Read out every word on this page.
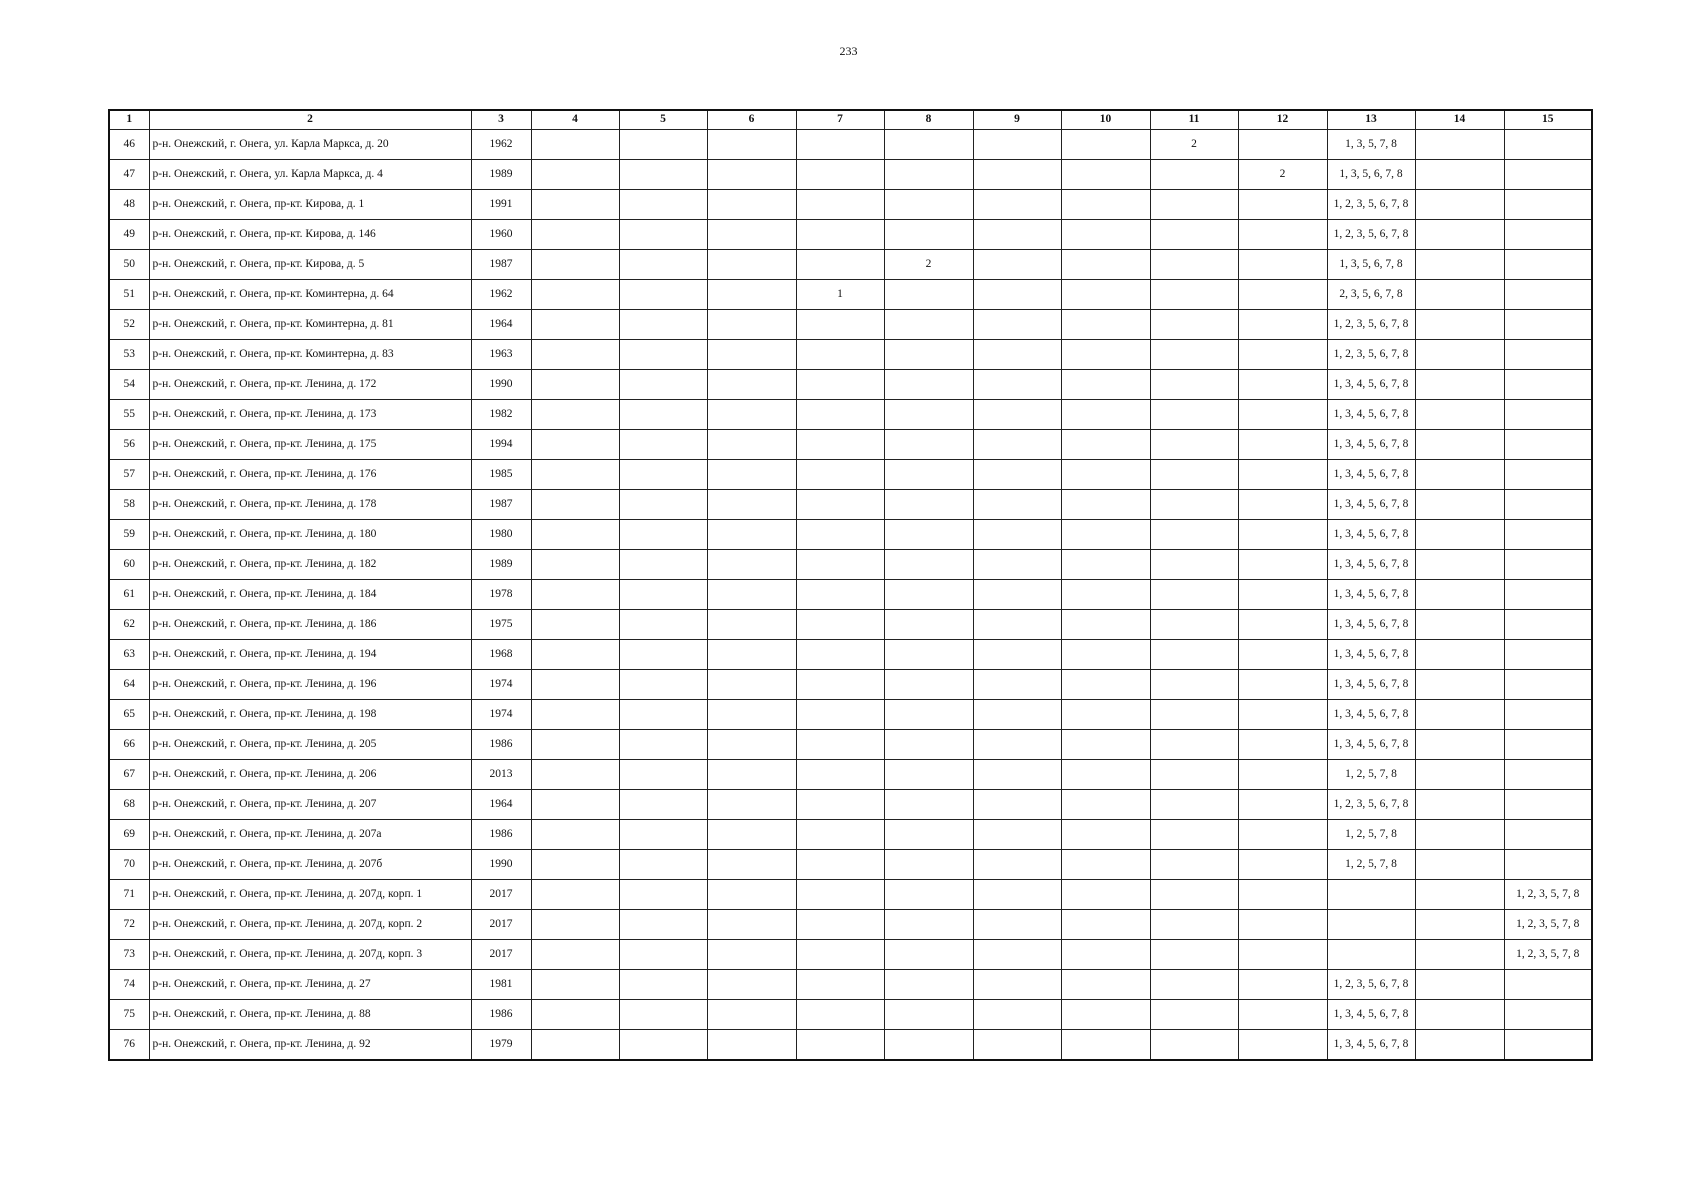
233
1	2	3	4	5	6	7	8	9	10	11	12	13	14	15
46	р-н. Онежский, г. Онега, ул. Карла Маркса, д. 20	1962								2		1, 3, 5, 7, 8		
47	р-н. Онежский, г. Онега, ул. Карла Маркса, д. 4	1989									2	1, 3, 5, 6, 7, 8		
48	р-н. Онежский, г. Онега, пр-кт. Кирова, д. 1	1991										1, 2, 3, 5, 6, 7, 8		
49	р-н. Онежский, г. Онега, пр-кт. Кирова, д. 146	1960										1, 2, 3, 5, 6, 7, 8		
50	р-н. Онежский, г. Онега, пр-кт. Кирова, д. 5	1987					2					1, 3, 5, 6, 7, 8		
51	р-н. Онежский, г. Онега, пр-кт. Коминтерна, д. 64	1962				1						2, 3, 5, 6, 7, 8		
52	р-н. Онежский, г. Онега, пр-кт. Коминтерна, д. 81	1964										1, 2, 3, 5, 6, 7, 8		
53	р-н. Онежский, г. Онега, пр-кт. Коминтерна, д. 83	1963										1, 2, 3, 5, 6, 7, 8		
54	р-н. Онежский, г. Онега, пр-кт. Ленина, д. 172	1990										1, 3, 4, 5, 6, 7, 8		
55	р-н. Онежский, г. Онега, пр-кт. Ленина, д. 173	1982										1, 3, 4, 5, 6, 7, 8		
56	р-н. Онежский, г. Онега, пр-кт. Ленина, д. 175	1994										1, 3, 4, 5, 6, 7, 8		
57	р-н. Онежский, г. Онега, пр-кт. Ленина, д. 176	1985										1, 3, 4, 5, 6, 7, 8		
58	р-н. Онежский, г. Онега, пр-кт. Ленина, д. 178	1987										1, 3, 4, 5, 6, 7, 8		
59	р-н. Онежский, г. Онега, пр-кт. Ленина, д. 180	1980										1, 3, 4, 5, 6, 7, 8		
60	р-н. Онежский, г. Онега, пр-кт. Ленина, д. 182	1989										1, 3, 4, 5, 6, 7, 8		
61	р-н. Онежский, г. Онега, пр-кт. Ленина, д. 184	1978										1, 3, 4, 5, 6, 7, 8		
62	р-н. Онежский, г. Онега, пр-кт. Ленина, д. 186	1975										1, 3, 4, 5, 6, 7, 8		
63	р-н. Онежский, г. Онега, пр-кт. Ленина, д. 194	1968										1, 3, 4, 5, 6, 7, 8		
64	р-н. Онежский, г. Онега, пр-кт. Ленина, д. 196	1974										1, 3, 4, 5, 6, 7, 8		
65	р-н. Онежский, г. Онега, пр-кт. Ленина, д. 198	1974										1, 3, 4, 5, 6, 7, 8		
66	р-н. Онежский, г. Онега, пр-кт. Ленина, д. 205	1986										1, 3, 4, 5, 6, 7, 8		
67	р-н. Онежский, г. Онега, пр-кт. Ленина, д. 206	2013										1, 2, 5, 7, 8		
68	р-н. Онежский, г. Онега, пр-кт. Ленина, д. 207	1964										1, 2, 3, 5, 6, 7, 8		
69	р-н. Онежский, г. Онега, пр-кт. Ленина, д. 207а	1986										1, 2, 5, 7, 8		
70	р-н. Онежский, г. Онега, пр-кт. Ленина, д. 207б	1990										1, 2, 5, 7, 8		
71	р-н. Онежский, г. Онега, пр-кт. Ленина, д. 207д, корп. 1	2017												1, 2, 3, 5, 7, 8
72	р-н. Онежский, г. Онега, пр-кт. Ленина, д. 207д, корп. 2	2017												1, 2, 3, 5, 7, 8
73	р-н. Онежский, г. Онега, пр-кт. Ленина, д. 207д, корп. 3	2017												1, 2, 3, 5, 7, 8
74	р-н. Онежский, г. Онега, пр-кт. Ленина, д. 27	1981										1, 2, 3, 5, 6, 7, 8		
75	р-н. Онежский, г. Онега, пр-кт. Ленина, д. 88	1986										1, 3, 4, 5, 6, 7, 8		
76	р-н. Онежский, г. Онега, пр-кт. Ленина, д. 92	1979										1, 3, 4, 5, 6, 7, 8		
